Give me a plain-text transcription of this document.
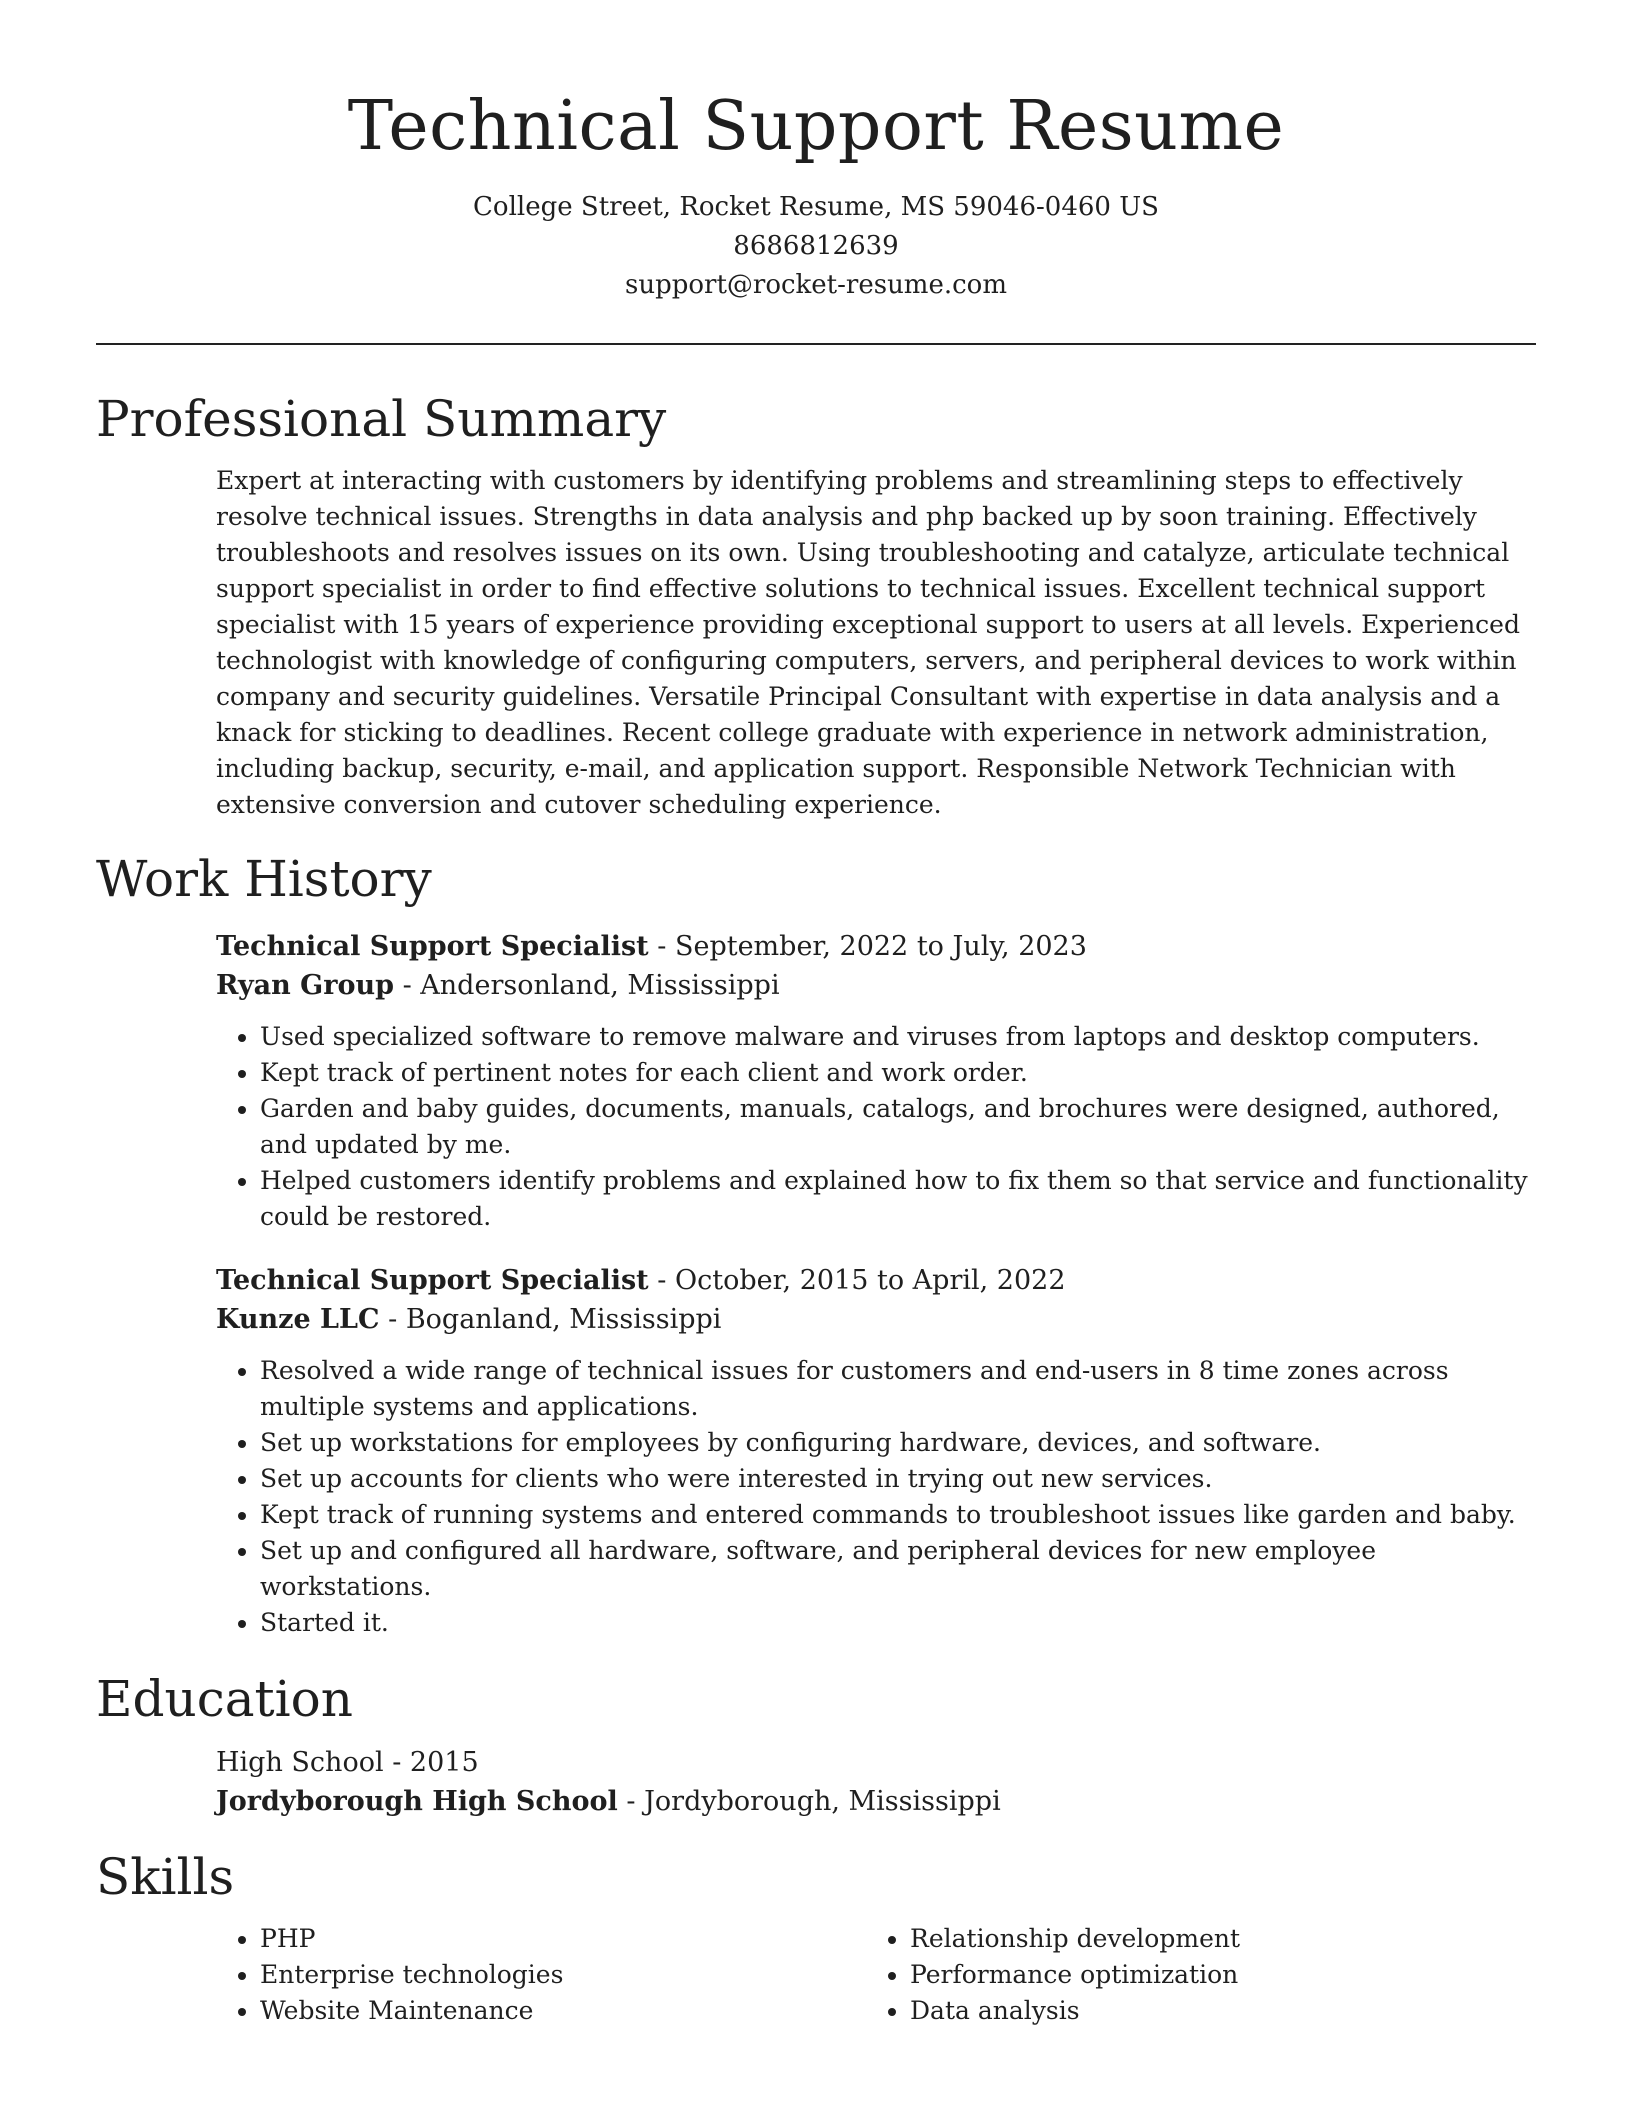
Technical Support Resume
College Street, Rocket Resume, MS 59046-0460 US
8686812639
support@rocket-resume.com
Professional Summary
Expert at interacting with customers by identifying problems and streamlining steps to effectively resolve technical issues. Strengths in data analysis and php backed up by soon training. Effectively troubleshoots and resolves issues on its own. Using troubleshooting and catalyze, articulate technical support specialist in order to find effective solutions to technical issues. Excellent technical support specialist with 15 years of experience providing exceptional support to users at all levels. Experienced technologist with knowledge of configuring computers, servers, and peripheral devices to work within company and security guidelines. Versatile Principal Consultant with expertise in data analysis and a knack for sticking to deadlines. Recent college graduate with experience in network administration, including backup, security, e-mail, and application support. Responsible Network Technician with extensive conversion and cutover scheduling experience.
Work History
Technical Support Specialist - September, 2022 to July, 2023
Ryan Group - Andersonland, Mississippi
• Used specialized software to remove malware and viruses from laptops and desktop computers.
• Kept track of pertinent notes for each client and work order.
• Garden and baby guides, documents, manuals, catalogs, and brochures were designed, authored, and updated by me.
• Helped customers identify problems and explained how to fix them so that service and functionality could be restored.
Technical Support Specialist - October, 2015 to April, 2022
Kunze LLC - Boganland, Mississippi
• Resolved a wide range of technical issues for customers and end-users in 8 time zones across multiple systems and applications.
• Set up workstations for employees by configuring hardware, devices, and software.
• Set up accounts for clients who were interested in trying out new services.
• Kept track of running systems and entered commands to troubleshoot issues like garden and baby.
• Set up and configured all hardware, software, and peripheral devices for new employee workstations.
• Started it.
Education
High School - 2015
Jordyborough High School - Jordyborough, Mississippi
Skills
• PHP
• Enterprise technologies
• Website Maintenance
• Relationship development
• Performance optimization
• Data analysis
